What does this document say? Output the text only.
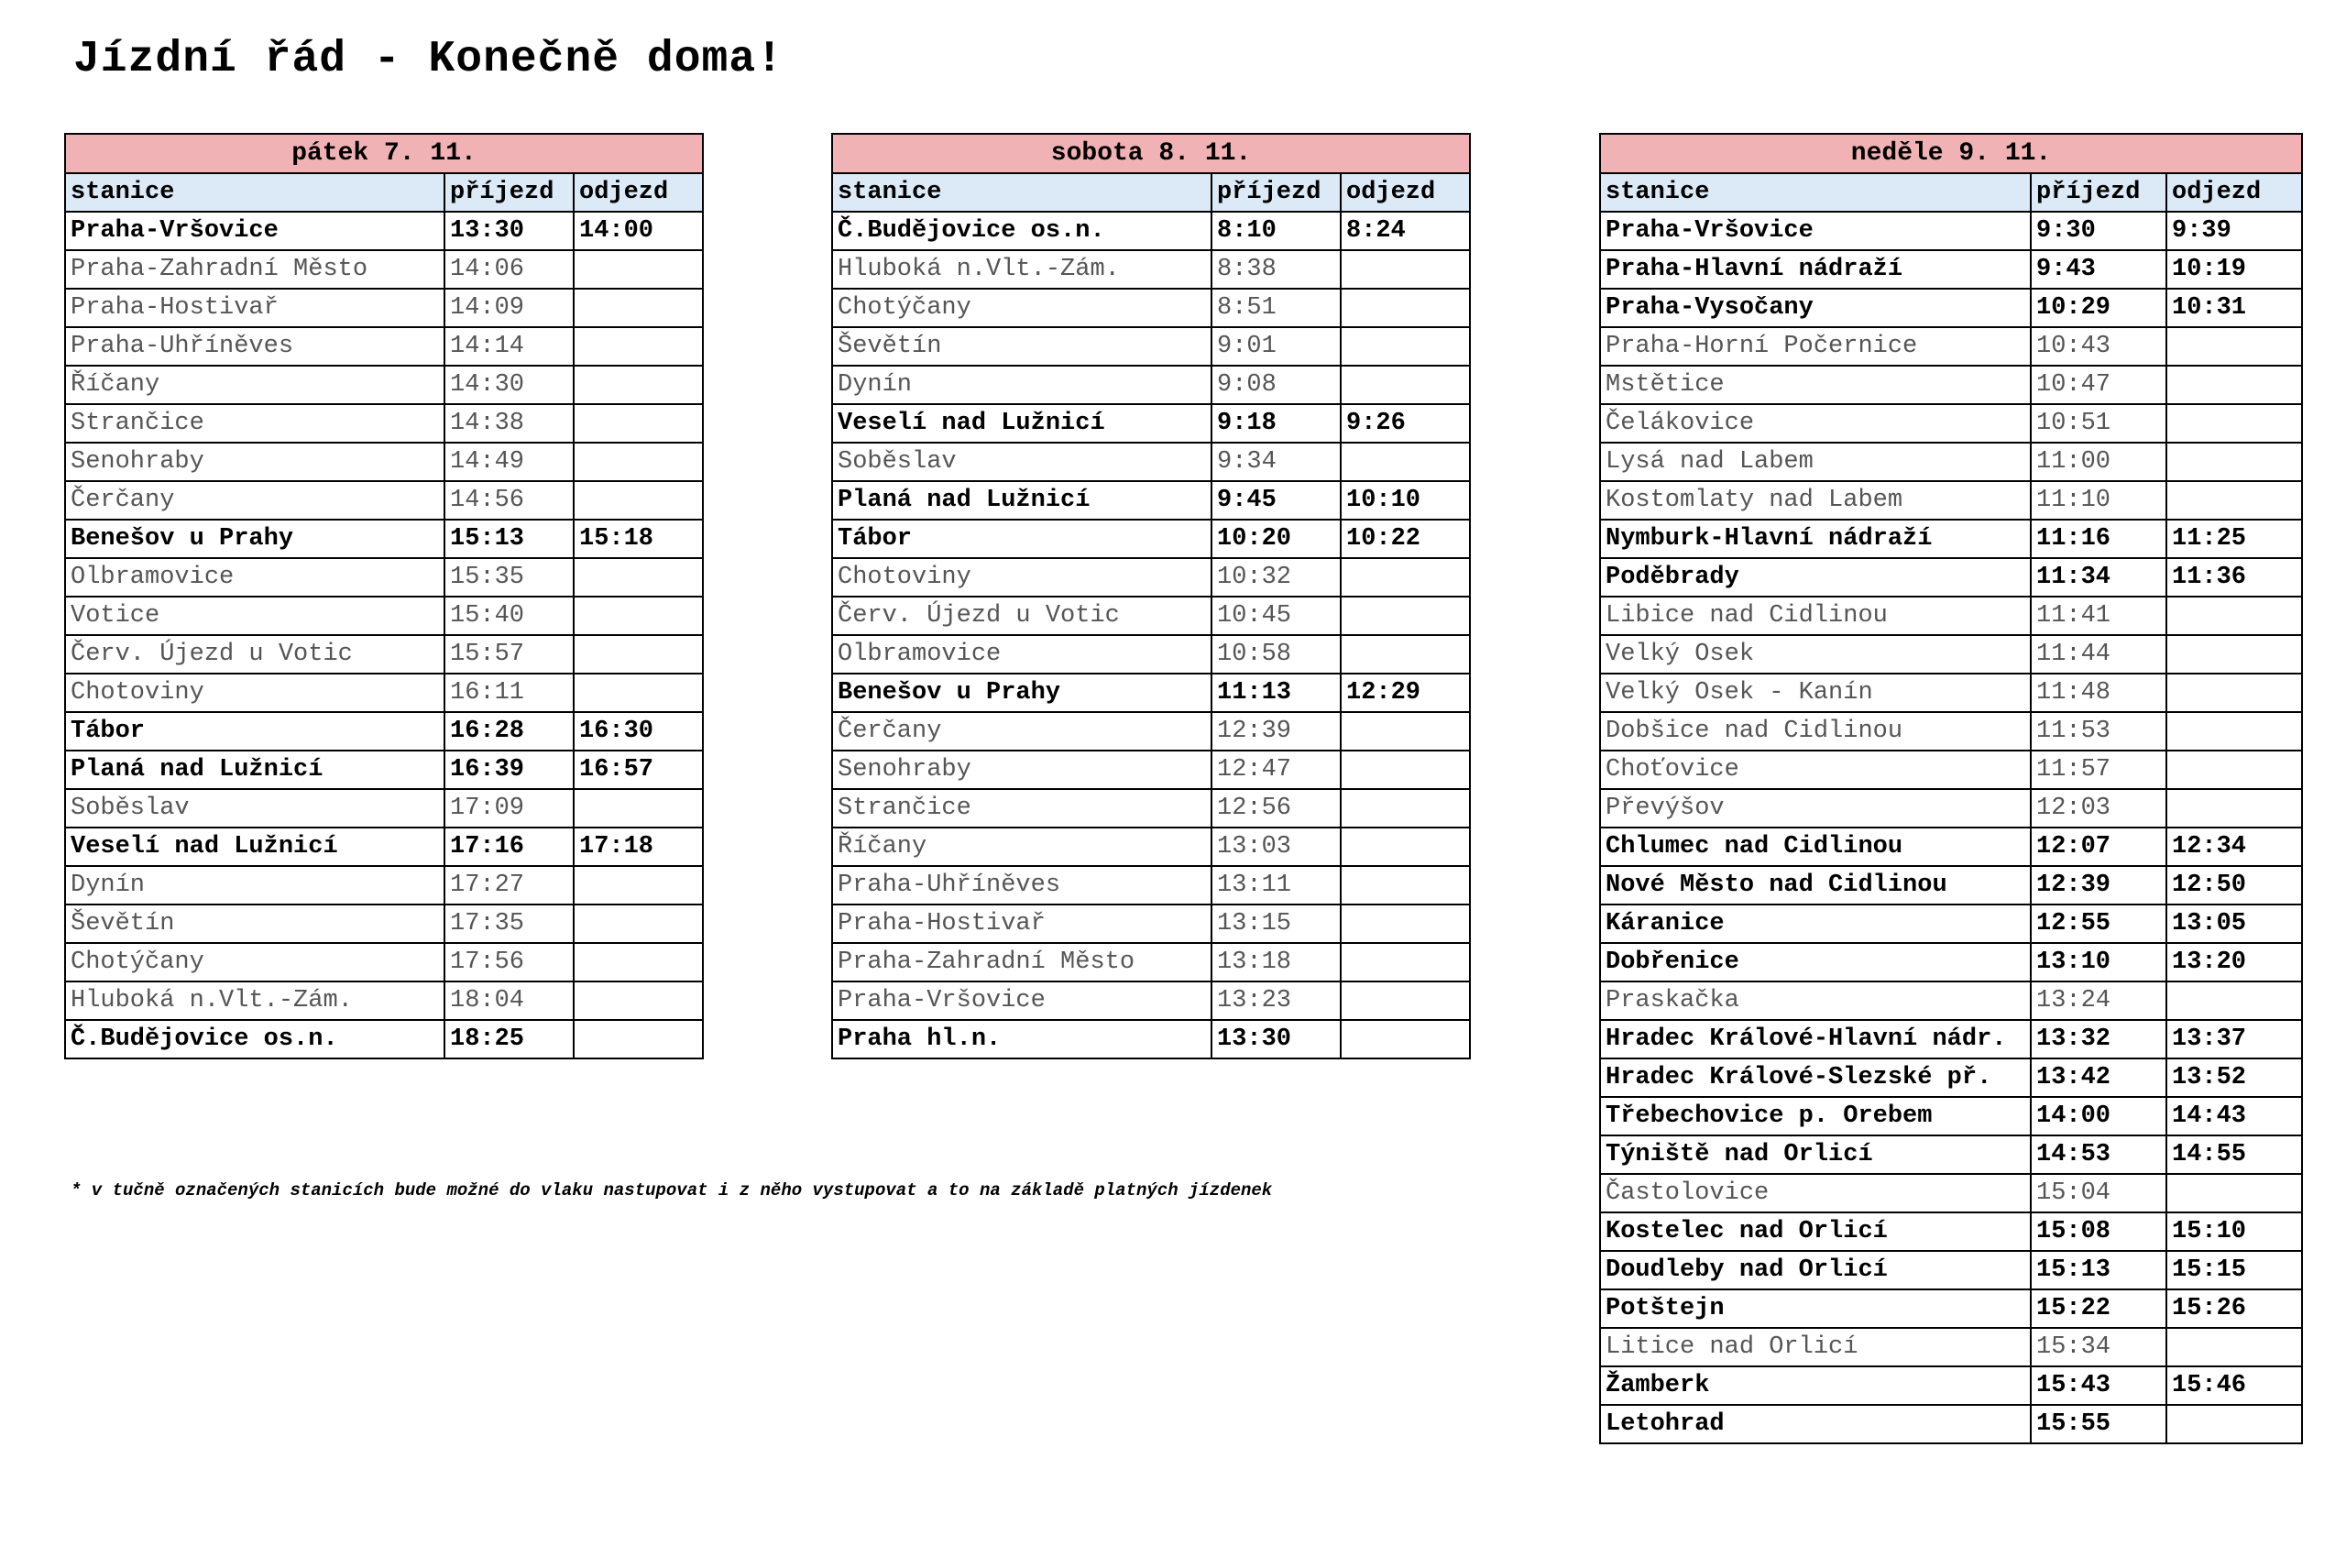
Jízdní řád - Konečně doma!
pátek 7. 11.		
stanice	příjezd	odjezd
Praha-Vršovice	13:30	14:00
Praha-Zahradní Město	14:06	
Praha-Hostivař	14:09	
Praha-Uhříněves	14:14	
Říčany	14:30	
Strančice	14:38	
Senohraby	14:49	
Čerčany	14:56	
Benešov u Prahy	15:13	15:18
Olbramovice	15:35	
Votice	15:40	
Červ. Újezd u Votic	15:57	
Chotoviny	16:11	
Tábor	16:28	16:30
Planá nad Lužnicí	16:39	16:57
Soběslav	17:09	
Veselí nad Lužnicí	17:16	17:18
Dynín	17:27	
Ševětín	17:35	
Chotýčany	17:56	
Hluboká n.Vlt.-Zám.	18:04	
Č.Budějovice os.n.	18:25	
sobota 8. 11.		
stanice	příjezd	odjezd
Č.Budějovice os.n.	8:10	8:24
Hluboká n.Vlt.-Zám.	8:38	
Chotýčany	8:51	
Ševětín	9:01	
Dynín	9:08	
Veselí nad Lužnicí	9:18	9:26
Soběslav	9:34	
Planá nad Lužnicí	9:45	10:10
Tábor	10:20	10:22
Chotoviny	10:32	
Červ. Újezd u Votic	10:45	
Olbramovice	10:58	
Benešov u Prahy	11:13	12:29
Čerčany	12:39	
Senohraby	12:47	
Strančice	12:56	
Říčany	13:03	
Praha-Uhříněves	13:11	
Praha-Hostivař	13:15	
Praha-Zahradní Město	13:18	
Praha-Vršovice	13:23	
Praha hl.n.	13:30	
neděle 9. 11.		
stanice	příjezd	odjezd
Praha-Vršovice	9:30	9:39
Praha-Hlavní nádraží	9:43	10:19
Praha-Vysočany	10:29	10:31
Praha-Horní Počernice	10:43	
Mstětice	10:47	
Čelákovice	10:51	
Lysá nad Labem	11:00	
Kostomlaty nad Labem	11:10	
Nymburk-Hlavní nádraží	11:16	11:25
Poděbrady	11:34	11:36
Libice nad Cidlinou	11:41	
Velký Osek	11:44	
Velký Osek - Kanín	11:48	
Dobšice nad Cidlinou	11:53	
Choťovice	11:57	
Převýšov	12:03	
Chlumec nad Cidlinou	12:07	12:34
Nové Město nad Cidlinou	12:39	12:50
Káranice	12:55	13:05
Dobřenice	13:10	13:20
Praskačka	13:24	
Hradec Králové-Hlavní nádr.	13:32	13:37
Hradec Králové-Slezské př.	13:42	13:52
Třebechovice p. Orebem	14:00	14:43
Týniště nad Orlicí	14:53	14:55
Častolovice	15:04	
Kostelec nad Orlicí	15:08	15:10
Doudleby nad Orlicí	15:13	15:15
Potštejn	15:22	15:26
Litice nad Orlicí	15:34	
Žamberk	15:43	15:46
Letohrad	15:55	
* v tučně označených stanicích bude možné do vlaku nastupovat i z něho vystupovat a to na základě platných jízdenek
